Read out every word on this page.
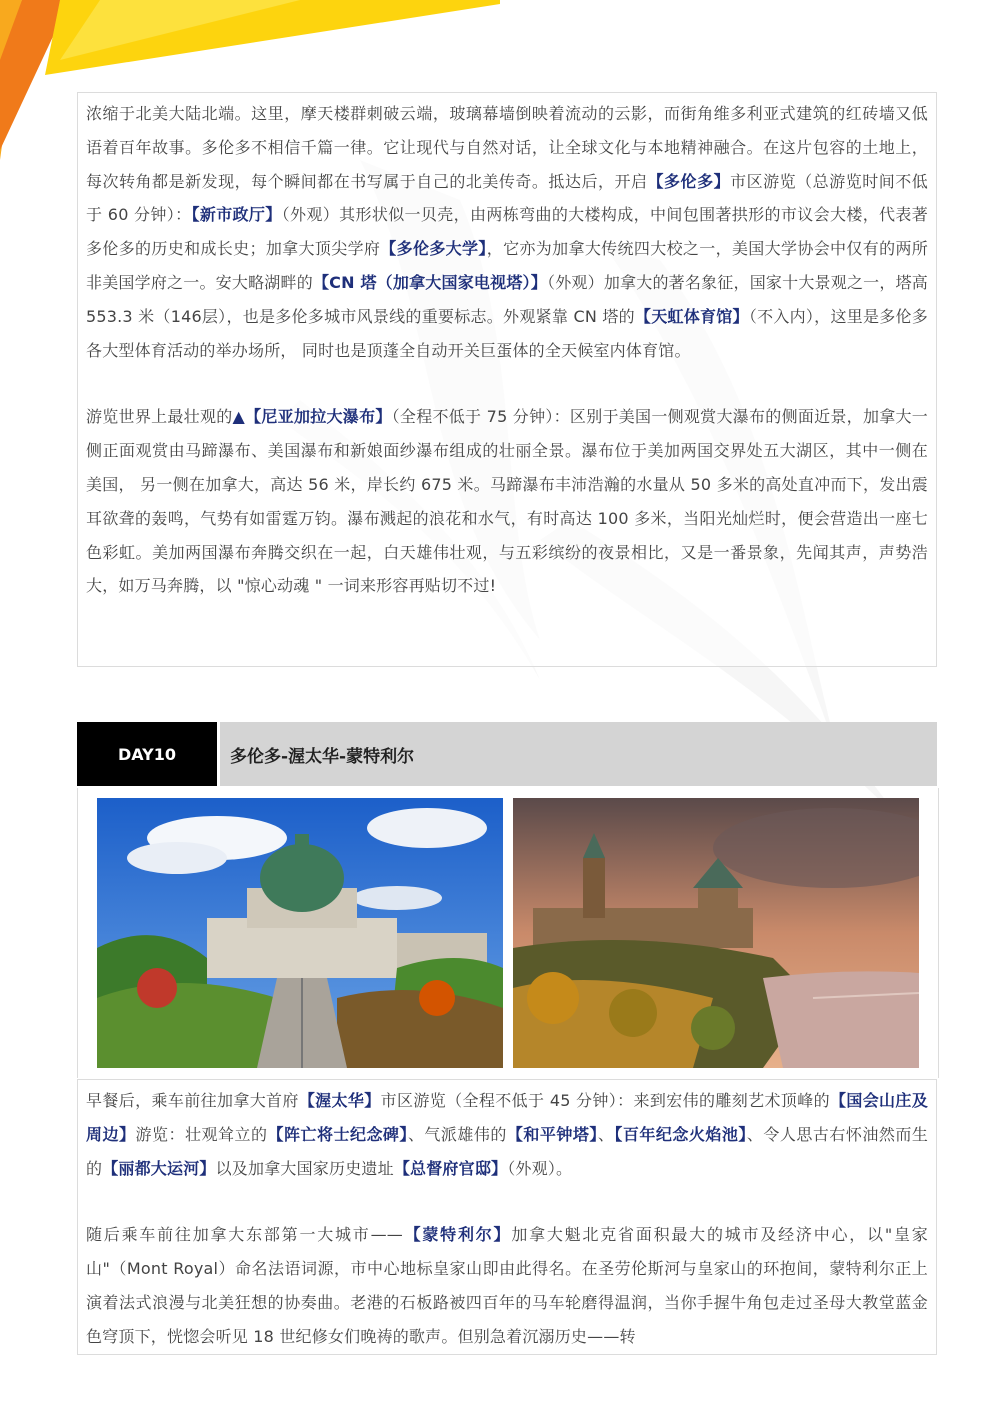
浓缩于北美大陆北端。这里，摩天楼群刺破云端，玻璃幕墙倒映着流动的云影，而街角维多利亚式建筑的红砖墙又低语着百年故事。多伦多不相信千篇一律。它让现代与自然对话，让全球文化与本地精神融合。在这片包容的土地上，每次转角都是新发现，每个瞬间都在书写属于自己的北美传奇。抵达后，开启【多伦多】市区游览（总游览时间不低于 60 分钟）：【新市政厅】（外观）其形状似一贝壳，由两栋弯曲的大楼构成，中间包围著拱形的市议会大楼，代表著多伦多的历史和成长史；加拿大顶尖学府【多伦多大学】，它亦为加拿大传统四大校之一，美国大学协会中仅有的两所非美国学府之一。安大略湖畔的【CN 塔（加拿大国家电视塔）】（外观）加拿大的著名象征，国家十大景观之一，塔高 553.3 米（146层），也是多伦多城市风景线的重要标志。外观紧靠 CN 塔的【天虹体育馆】（不入内），这里是多伦多各大型体育活动的举办场所， 同时也是顶蓬全自动开关巨蛋体的全天候室内体育馆。

游览世界上最壮观的▲【尼亚加拉大瀑布】（全程不低于 75 分钟）：区别于美国一侧观赏大瀑布的侧面近景，加拿大一侧正面观赏由马蹄瀑布、美国瀑布和新娘面纱瀑布组成的壮丽全景。瀑布位于美加两国交界处五大湖区，其中一侧在美国， 另一侧在加拿大，高达 56 米，岸长约 675 米。马蹄瀑布丰沛浩瀚的水量从 50 多米的高处直冲而下，发出震耳欲聋的轰鸣，气势有如雷霆万钧。瀑布溅起的浪花和水气，有时高达 100 多米，当阳光灿烂时，便会营造出一座七色彩虹。美加两国瀑布奔腾交织在一起，白天雄伟壮观，与五彩缤纷的夜景相比，又是一番景象，先闻其声，声势浩大，如万马奔腾，以 "惊心动魂 " 一词来形容再贴切不过!

DAY10	多伦多-渥太华-蒙特利尔

早餐后，乘车前往加拿大首府【渥太华】市区游览（全程不低于 45 分钟）：来到宏伟的雕刻艺术顶峰的【国会山庄及周边】游览：壮观耸立的【阵亡将士纪念碑】、气派雄伟的【和平钟塔】、【百年纪念火焰池】、令人思古右怀油然而生的【丽都大运河】以及加拿大国家历史遗址【总督府官邸】（外观）。

随后乘车前往加拿大东部第一大城市——【蒙特利尔】加拿大魁北克省面积最大的城市及经济中心，以"皇家山"（Mont Royal）命名法语词源，市中心地标皇家山即由此得名。在圣劳伦斯河与皇家山的环抱间，蒙特利尔正上演着法式浪漫与北美狂想的协奏曲。老港的石板路被四百年的马车轮磨得温润，当你手握牛角包走过圣母大教堂蓝金色穹顶下，恍惚会听见 18 世纪修女们晚祷的歌声。但别急着沉溺历史——转
